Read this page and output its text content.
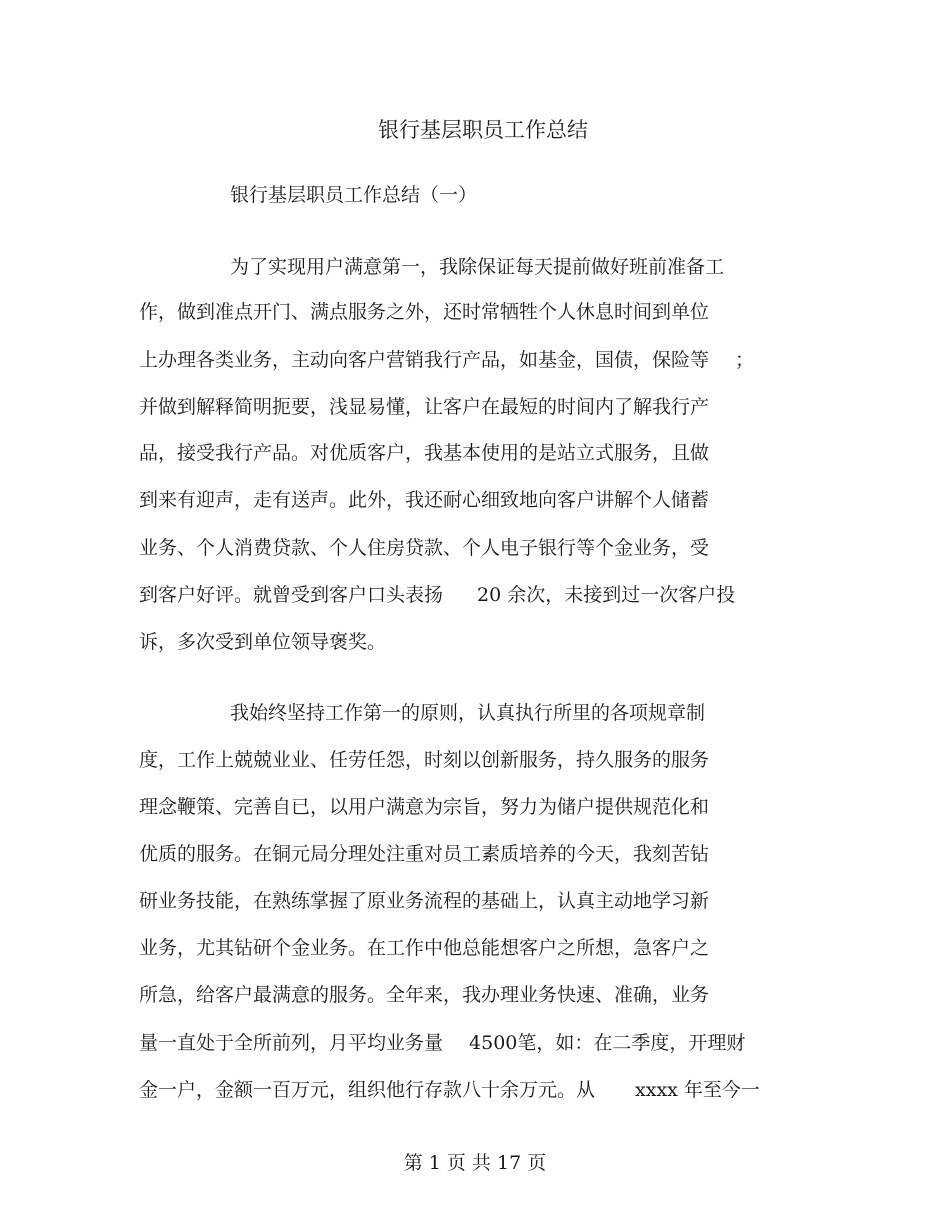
银行基层职员工作总结
银行基层职员工作总结（一）
为了实现用户满意第一，我除保证每天提前做好班前准备工
作，做到准点开门、满点服务之外，还时常牺牲个人休息时间到单位
上办理各类业务，主动向客户营销我行产品，如基金，国债，保险等 ；
并做到解释简明扼要，浅显易懂，让客户在最短的时间内了解我行产
品，接受我行产品。对优质客户，我基本使用的是站立式服务，且做
到来有迎声，走有送声。此外，我还耐心细致地向客户讲解个人储蓄
业务、个人消费贷款、个人住房贷款、个人电子银行等个金业务，受
到客户好评。就曾受到客户口头表扬 20 余次，未接到过一次客户投
诉，多次受到单位领导褒奖。
我始终坚持工作第一的原则，认真执行所里的各项规章制
度，工作上兢兢业业、任劳任怨，时刻以创新服务，持久服务的服务
理念鞭策、完善自已，以用户满意为宗旨，努力为储户提供规范化和
优质的服务。在铜元局分理处注重对员工素质培养的今天，我刻苦钻
研业务技能，在熟练掌握了原业务流程的基础上，认真主动地学习新
业务，尤其钻研个金业务。在工作中他总能想客户之所想，急客户之
所急，给客户最满意的服务。全年来，我办理业务快速、准确，业务
量一直处于全所前列，月平均业务量 4500笔，如：在二季度，开理财
金一户，金额一百万元，组织他行存款八十余万元。从 xxxx 年至今一
第 1 页 共 17 页
